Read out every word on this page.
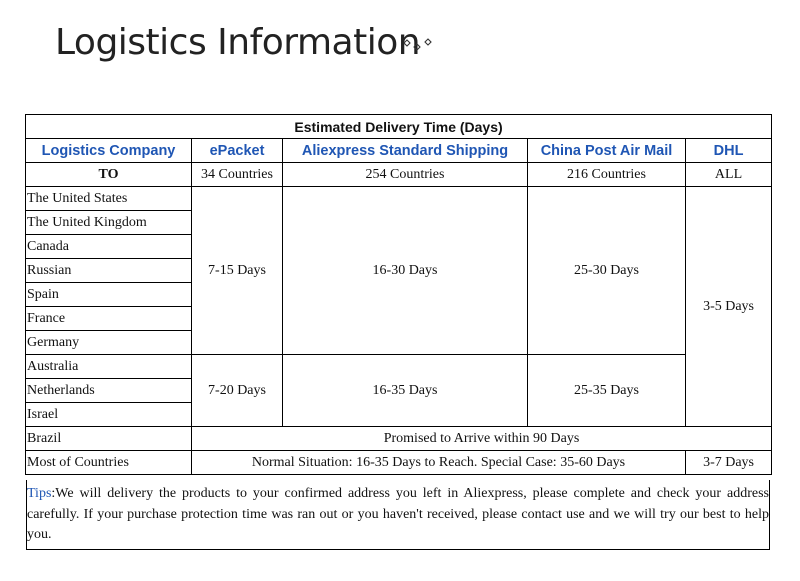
Logistics Information
Estimated Delivery Time (Days)				
Logistics Company	ePacket	Aliexpress Standard Shipping	China Post Air Mail	DHL
TO	34 Countries	254 Countries	216 Countries	ALL
The United States	7-15 Days	16-30 Days	25-30 Days	3-5 Days
The United Kingdom				
Canada				
Russian				
Spain				
France				
Germany				
Australia	7-20 Days	16-35 Days	25-35 Days	
Netherlands				
Israel				
Brazil	Promised to Arrive within 90 Days			
Most of Countries	Normal Situation: 16-35 Days to Reach. Special Case: 35-60 Days			3-7 Days
Tips:We will delivery the products to your confirmed address you left in Aliexpress, please complete and check your address carefully. If your purchase protection time was ran out or you haven't received, please contact use and we will try our best to help you.
